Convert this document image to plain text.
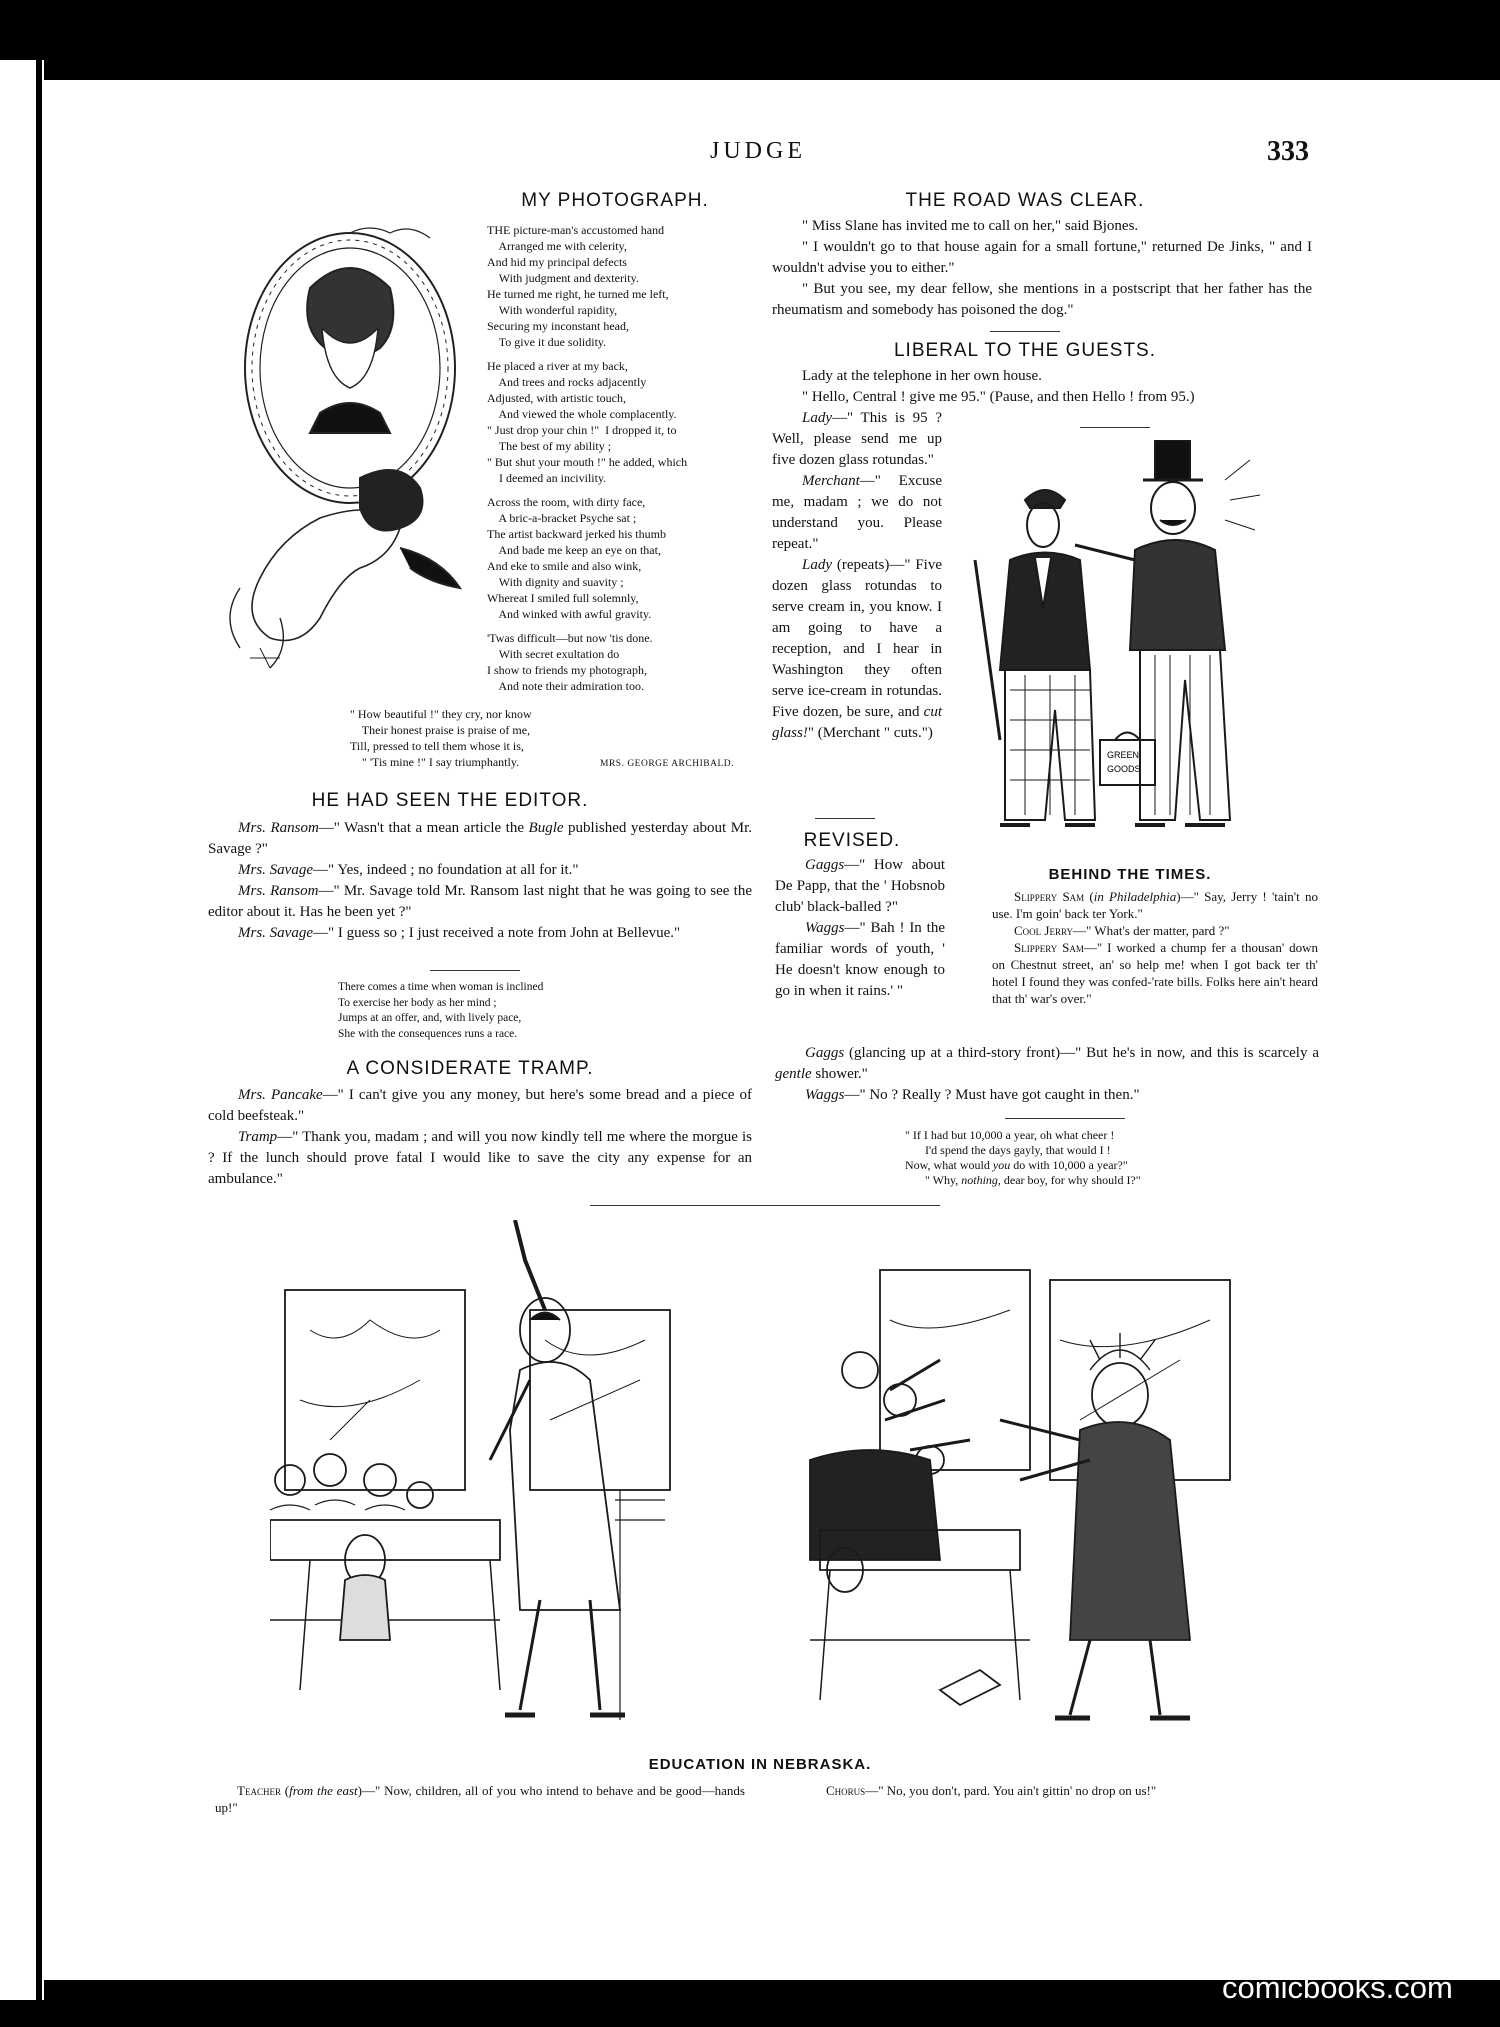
JUDGE	333
MY PHOTOGRAPH.
THE picture-man's accustomed hand
Arranged me with celerity,
And hid my principal defects
With judgment and dexterity.
He turned me right, he turned me left,
With wonderful rapidity,
Securing my inconstant head,
To give it due solidity.

He placed a river at my back,
And trees and rocks adjacently
Adjusted, with artistic touch,
And viewed the whole complacently.
" Just drop your chin !"  I dropped it, to
The best of my ability ;
" But shut your mouth !" he added, which
I deemed an incivility.

Across the room, with dirty face,
A bric-a-bracket Psyche sat ;
The artist backward jerked his thumb
And bade me keep an eye on that,
And eke to smile and also wink,
With dignity and suavity ;
Whereat I smiled full solemnly,
And winked with awful gravity.

'Twas difficult—but now 'tis done.
With secret exultation do
I show to friends my photograph,
And note their admiration too.
" How beautiful !" they cry, nor know
Their honest praise is praise of me,
Till, pressed to tell them whose it is,
" 'Tis mine !" I say triumphantly.	MRS. GEORGE ARCHIBALD.
THE ROAD WAS CLEAR.

" Miss Slane has invited me to call on her," said Bjones.

" I wouldn't go to that house again for a small fortune," returned De Jinks, " and I wouldn't advise you to either."

" But you see, my dear fellow, she mentions in a postscript that her father has the rheumatism and somebody has poisoned the dog."

LIBERAL TO THE GUESTS.

Lady at the telephone in her own house.

" Hello, Central ! give me 95." (Pause, and then Hello ! from 95.)

Lady—" This is 95 ? Well, please send me up five dozen glass rotundas."

Merchant—" Excuse me, madam ; we do not understand you. Please repeat."

Lady (repeats)—" Five dozen glass rotundas to serve cream in, you know. I am going to have a reception, and I hear in Washington they often serve ice-cream in rotundas. Five dozen, be sure, and cut glass!" (Merchant " cuts.")

GREEN
GOODS
HE HAD SEEN THE EDITOR.

Mrs. Ransom—" Wasn't that a mean article the Bugle published yesterday about Mr. Savage ?"

Mrs. Savage—" Yes, indeed ; no foundation at all for it."

Mrs. Ransom—" Mr. Savage told Mr. Ransom last night that he was going to see the editor about it. Has he been yet ?"

Mrs. Savage—" I guess so ; I just received a note from John at Bellevue."

There comes a time when woman is inclined
To exercise her body as her mind ;
Jumps at an offer, and, with lively pace,
She with the consequences runs a race.
A CONSIDERATE TRAMP.

Mrs. Pancake—" I can't give you any money, but here's some bread and a piece of cold beefsteak."

Tramp—" Thank you, madam ; and will you now kindly tell me where the morgue is ? If the lunch should prove fatal I would like to save the city any expense for an ambulance."

REVISED.

Gaggs—" How about De Papp, that the ' Hobsnob club' black-balled ?"

Waggs—" Bah ! In the familiar words of youth, ' He doesn't know enough to go in when it rains.' "

Gaggs (glancing up at a third-story front)—" But he's in now, and this is scarcely a gentle shower."

Waggs—" No ? Really ? Must have got caught in then."

BEHIND THE TIMES.

Slippery Sam (in Philadelphia)—" Say, Jerry ! 'tain't no use. I'm goin' back ter York."

Cool Jerry—" What's der matter, pard ?"

Slippery Sam—" I worked a chump fer a thousan' down on Chestnut street, an' so help me! when I got back ter th' hotel I found they was confed-'rate bills. Folks here ain't heard that th' war's over."

" If I had but 10,000 a year, oh what cheer !
I'd spend the days gayly, that would I !
Now, what would you do with 10,000 a year?"
" Why, nothing, dear boy, for why should I?"
EDUCATION IN NEBRASKA.

Teacher (from the east)—" Now, children, all of you who intend to behave and be good—hands up!"

Chorus—" No, you don't, pard. You ain't gittin' no drop on us!"

comicbooks.com
